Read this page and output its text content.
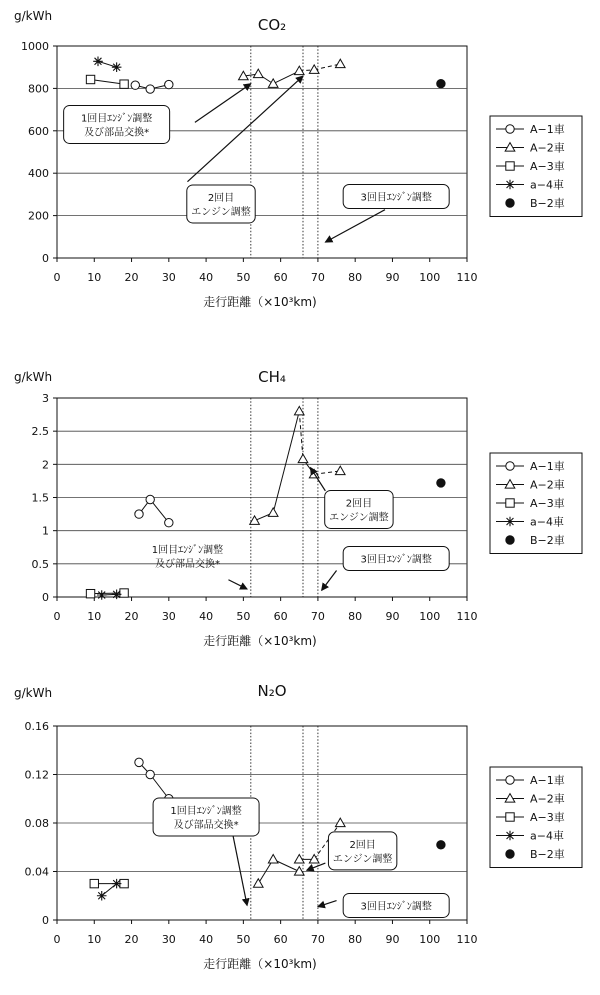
CO₂
g/kWh
0
200
400
600
800
1000
0 10 20 30 40 50 60 70 80 90 100 110
走行距離（×10³km)
1回目ｴﾝｼﾞﾝ調整
及び部品交換*
2回目
エンジン調整
3回目ｴﾝｼﾞﾝ調整
A−1車
A−2車
A−3車
a−4車
B−2車
CH₄
g/kWh
0
0.5
1
1.5
2
2.5
3
0 10 20 30 40 50 60 70 80 90 100 110
走行距離（×10³km)
2回目
エンジン調整
1回目ｴﾝｼﾞﾝ調整
及び部品交換*	3回目ｴﾝｼﾞﾝ調整
A−1車
A−2車
A−3車
a−4車
B−2車
N₂O
g/kWh
0
0.04
0.08
0.12
0.16
0 10 20 30 40 50 60 70 80 90 100 110
走行距離（×10³km)
1回目ｴﾝｼﾞﾝ調整
及び部品交換*
2回目
エンジン調整
3回目ｴﾝｼﾞﾝ調整
A−1車
A−2車
A−3車
a−4車
B−2車
